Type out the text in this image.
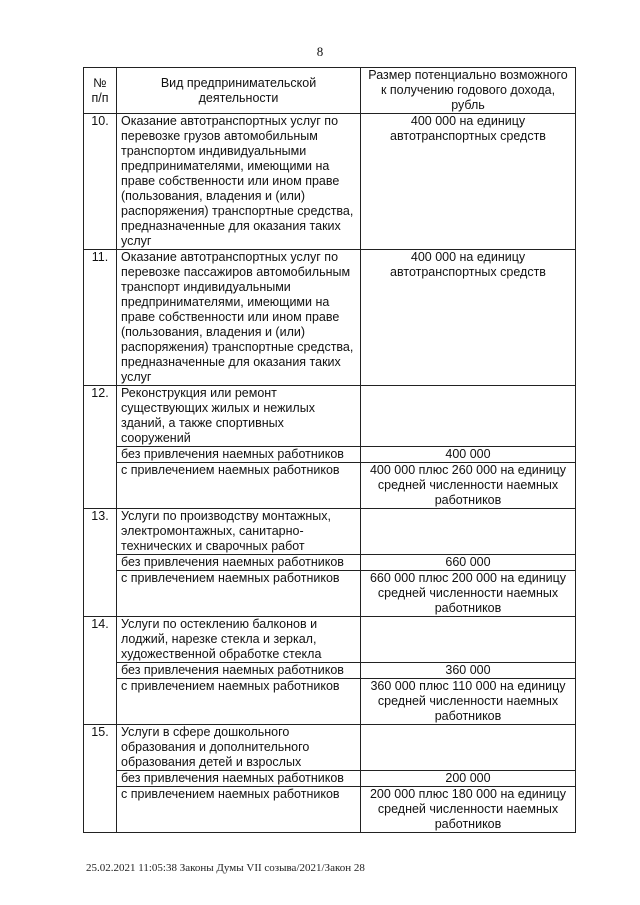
8
№ п/п	Вид предпринимательской деятельности	Размер потенциально возможного к получению годового дохода, рубль
10.	Оказание автотранспортных услуг по перевозке грузов автомобильным транспортом индивидуальными предпринимателями, имеющими на праве собственности или ином праве (пользования, владения и (или) распоряжения) транспортные средства, предназначенные для оказания таких услуг	400 000 на единицу автотранспортных средств
11.	Оказание автотранспортных услуг по перевозке пассажиров автомобильным транспорт индивидуальными предпринимателями, имеющими на праве собственности или ином праве (пользования, владения и (или) распоряжения) транспортные средства, предназначенные для оказания таких услуг	400 000 на единицу автотранспортных средств
12.	Реконструкция или ремонт существующих жилых и нежилых зданий, а также спортивных сооружений	
	без привлечения наемных работников	400 000
	с привлечением наемных работников	400 000 плюс 260 000 на единицу средней численности наемных работников
13.	Услуги по производству монтажных, электромонтажных, санитарно-технических и сварочных работ	
	без привлечения наемных работников	660 000
	с привлечением наемных работников	660 000 плюс 200 000 на единицу средней численности наемных работников
14.	Услуги по остеклению балконов и лоджий, нарезке стекла и зеркал, художественной обработке стекла	
	без привлечения наемных работников	360 000
	с привлечением наемных работников	360 000 плюс 110 000 на единицу средней численности наемных работников
15.	Услуги в сфере дошкольного образования и дополнительного образования детей и взрослых	
	без привлечения наемных работников	200 000
	с привлечением наемных работников	200 000 плюс 180 000 на единицу средней численности наемных работников
25.02.2021 11:05:38 Законы Думы VII созыва/2021/Закон 28
